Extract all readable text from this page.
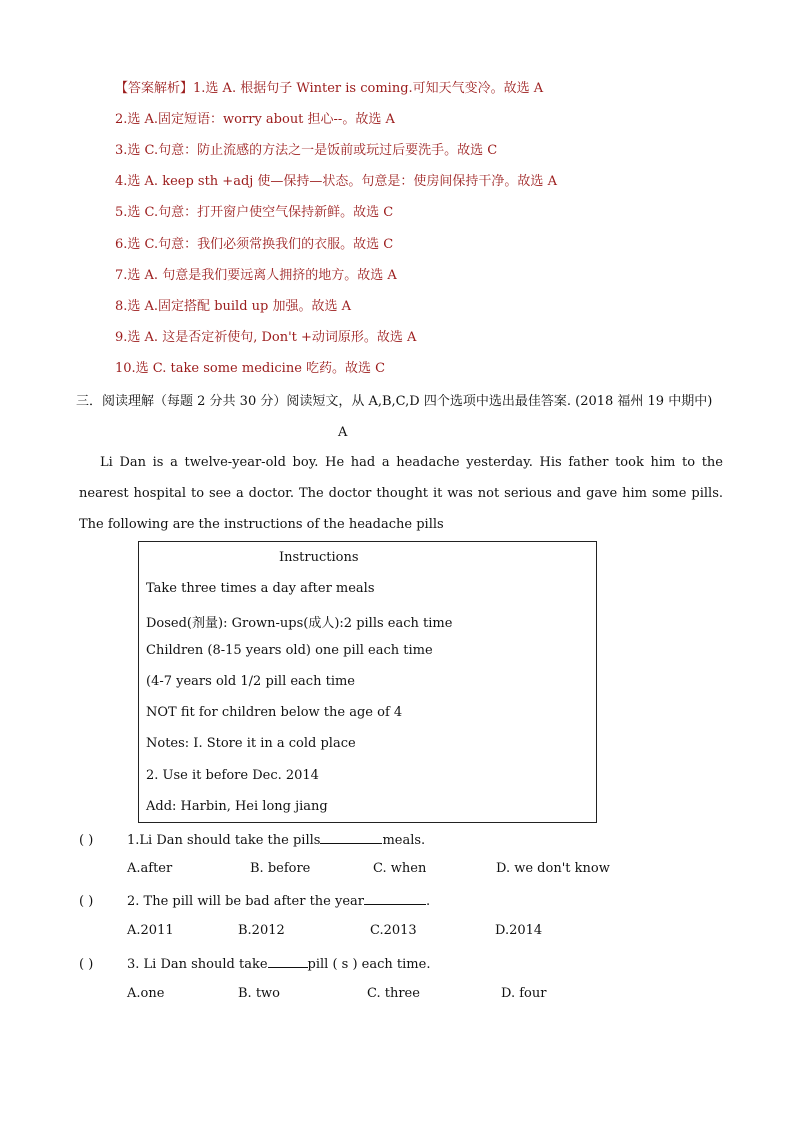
【答案解析】1.选 A. 根据句子 Winter is coming.可知天气变冷。故选 A
2.选 A.固定短语：worry about 担心--。故选 A
3.选 C.句意：防止流感的方法之一是饭前或玩过后要洗手。故选 C
4.选 A. keep sth +adj 使—保持—状态。句意是：使房间保持干净。故选 A
5.选 C.句意：打开窗户使空气保持新鲜。故选 C
6.选 C.句意：我们必须常换我们的衣服。故选 C
7.选 A. 句意是我们要远离人拥挤的地方。故选 A
8.选 A.固定搭配 build up 加强。故选 A
9.选 A. 这是否定祈使句, Don't +动词原形。故选 A
10.选 C. take some medicine 吃药。故选 C
三．阅读理解（每题 2 分共 30 分）阅读短文，从 A,B,C,D 四个选项中选出最佳答案. (2018 福州 19 中期中)
A
Li Dan is a twelve-year-old boy. He had a headache yesterday. His father took him to the nearest hospital to see a doctor. The doctor thought it was not serious and gave him some pills. The following are the instructions of the headache pills
Instructions
Take three times a day after meals
Dosed(剂量): Grown-ups(成人):2 pills each time
Children (8-15 years old) one pill each time
(4-7 years old 1/2 pill each time
NOT fit for children below the age of 4
Notes: I. Store it in a cold place
2. Use it before Dec. 2014
Add: Harbin, Hei long jiang
( )	1.Li Dan should take the pills	meals.
A.after	B. before	C. when	D. we don't know
( )	2. The pill will be bad after the year	.
A.2011	B.2012	C.2013	D.2014
( )	3. Li Dan should take	pill ( s ) each time.
A.one	B. two	C. three	D. four
